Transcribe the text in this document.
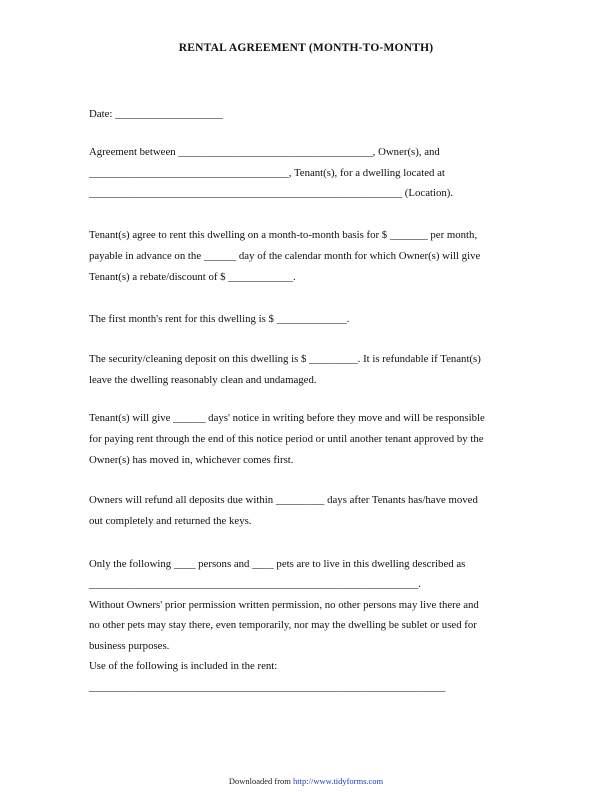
RENTAL AGREEMENT (MONTH-TO-MONTH)
Date: ____________________
Agreement between ____________________________________, Owner(s), and
_____________________________________, Tenant(s), for a dwelling located at
__________________________________________________________ (Location).
Tenant(s) agree to rent this dwelling on a month-to-month basis for $ _______ per month,
payable in advance on the ______ day of the calendar month for which Owner(s) will give
Tenant(s) a rebate/discount of $ ____________.
The first month's rent for this dwelling is $ _____________.
The security/cleaning deposit on this dwelling is $ _________. It is refundable if Tenant(s)
leave the dwelling reasonably clean and undamaged.
Tenant(s) will give ______ days' notice in writing before they move and will be responsible
for paying rent through the end of this notice period or until another tenant approved by the
Owner(s) has moved in, whichever comes first.
Owners will refund all deposits due within _________ days after Tenants has/have moved
out completely and returned the keys.
Only the following ____ persons and ____ pets are to live in this dwelling described as
_____________________________________________________________.
Without Owners' prior permission written permission, no other persons may live there and
no other pets may stay there, even temporarily, nor may the dwelling be sublet or used for
business purposes.
Use of the following is included in the rent:
__________________________________________________________________
Downloaded from http://www.tidyforms.com
